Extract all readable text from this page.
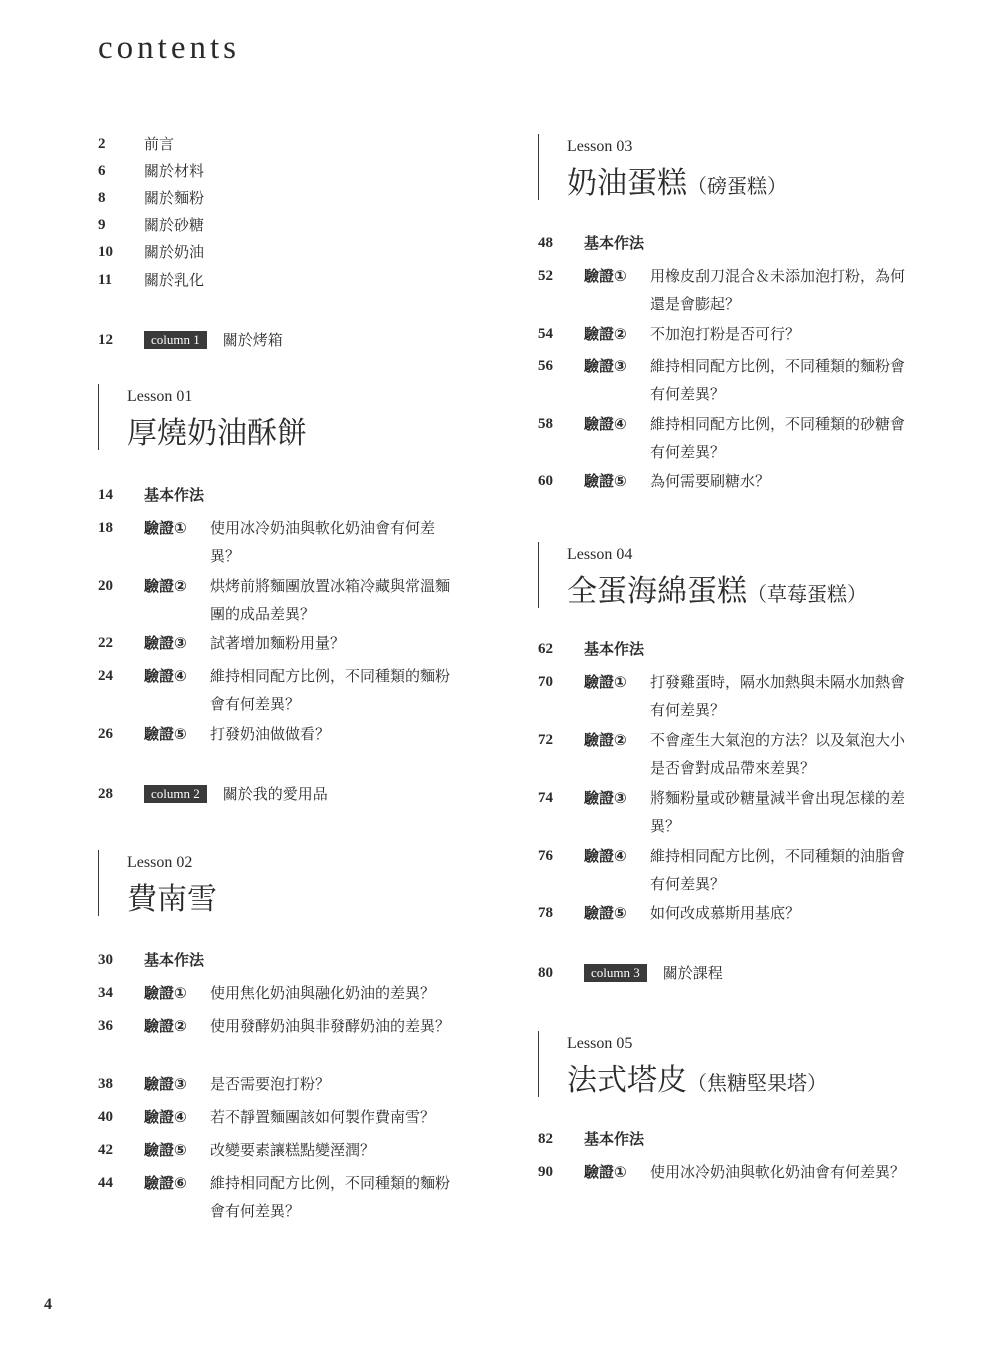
contents
2	前言
6	關於材料
8	關於麵粉
9	關於砂糖
10	關於奶油
11	關於乳化
12	column 1	關於烤箱
Lesson 01
厚燒奶油酥餅
14	基本作法
18	驗證①	使用冰冷奶油與軟化奶油會有何差異？
20	驗證②	烘烤前將麵團放置冰箱冷藏與常溫麵團的成品差異？
22	驗證③	試著增加麵粉用量？
24	驗證④	維持相同配方比例，不同種類的麵粉會有何差異？
26	驗證⑤	打發奶油做做看？
28	column 2	關於我的愛用品
Lesson 02
費南雪
30	基本作法
34	驗證①	使用焦化奶油與融化奶油的差異？
36	驗證②	使用發酵奶油與非發酵奶油的差異？
38	驗證③	是否需要泡打粉？
40	驗證④	若不靜置麵團該如何製作費南雪？
42	驗證⑤	改變要素讓糕點變溼潤？
44	驗證⑥	維持相同配方比例，不同種類的麵粉會有何差異？
Lesson 03
奶油蛋糕（磅蛋糕）
48	基本作法
52	驗證①	用橡皮刮刀混合＆未添加泡打粉，為何還是會膨起？
54	驗證②	不加泡打粉是否可行？
56	驗證③	維持相同配方比例，不同種類的麵粉會有何差異？
58	驗證④	維持相同配方比例，不同種類的砂糖會有何差異？
60	驗證⑤	為何需要刷糖水？
Lesson 04
全蛋海綿蛋糕（草莓蛋糕）
62	基本作法
70	驗證①	打發雞蛋時，隔水加熱與未隔水加熱會有何差異？
72	驗證②	不會產生大氣泡的方法？以及氣泡大小是否會對成品帶來差異？
74	驗證③	將麵粉量或砂糖量減半會出現怎樣的差異？
76	驗證④	維持相同配方比例，不同種類的油脂會有何差異？
78	驗證⑤	如何改成慕斯用基底？
80	column 3	關於課程
Lesson 05
法式塔皮（焦糖堅果塔）
82	基本作法
90	驗證①	使用冰冷奶油與軟化奶油會有何差異？
4
